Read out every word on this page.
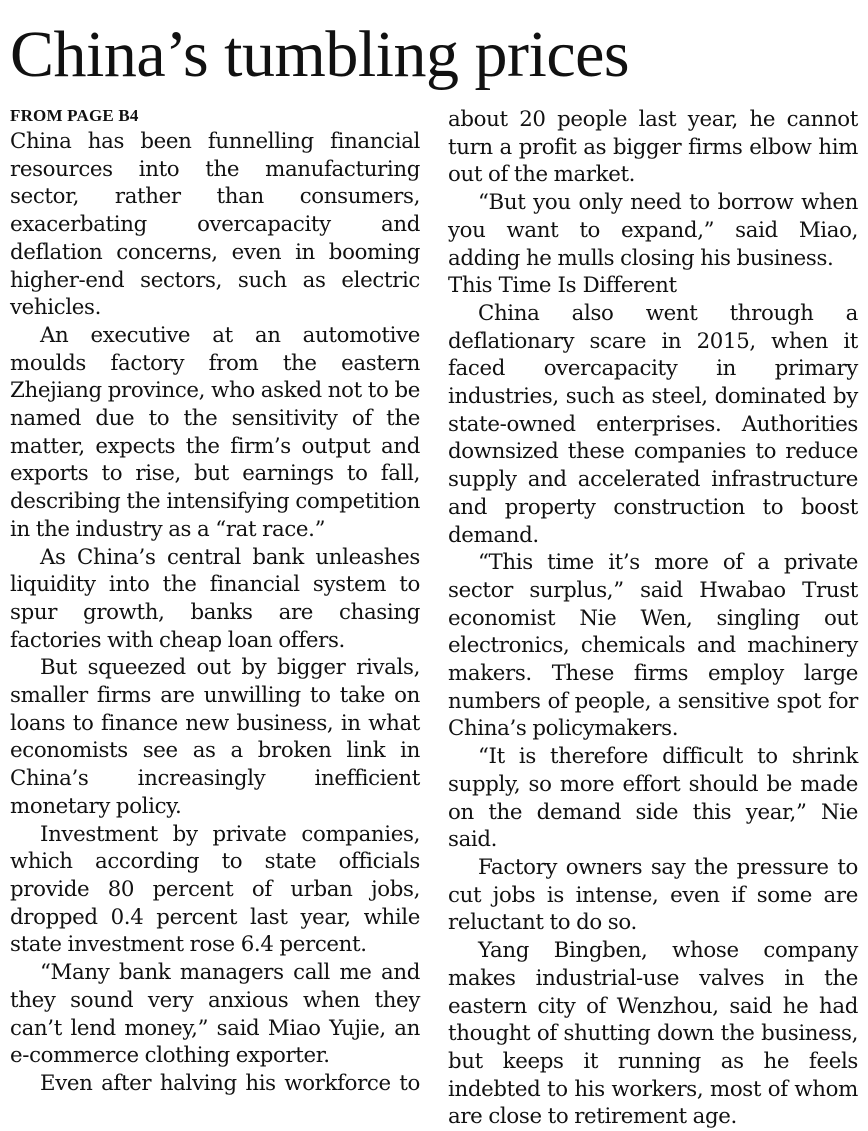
China’s tumbling prices
FROM PAGE B4

China has been funnelling financial resources into the manufacturing sector, rather than consumers, exacerbating overcapacity and deflation concerns, even in booming higher-end sectors, such as electric vehicles.

An executive at an automotive moulds factory from the eastern Zhejiang province, who asked not to be named due to the sensitivity of the matter, expects the firm’s output and exports to rise, but earnings to fall, describing the intensifying competition in the industry as a “rat race.”

As China’s central bank unleashes liquidity into the financial system to spur growth, banks are chasing factories with cheap loan offers.

But squeezed out by bigger rivals, smaller firms are unwilling to take on loans to finance new business, in what economists see as a broken link in China’s increasingly inefficient monetary policy.

Investment by private companies, which according to state officials provide 80 percent of urban jobs, dropped 0.4 percent last year, while state investment rose 6.4 percent.

“Many bank managers call me and they sound very anxious when they can’t lend money,” said Miao Yujie, an e-commerce clothing exporter.

Even after halving his workforce to

about 20 people last year, he cannot turn a profit as bigger firms elbow him out of the market.

“But you only need to borrow when you want to expand,” said Miao, adding he mulls closing his business.

This Time Is Different

China also went through a deflationary scare in 2015, when it faced overcapacity in primary industries, such as steel, dominated by state-owned enterprises. Authorities downsized these companies to reduce supply and accelerated infrastructure and property construction to boost demand.

“This time it’s more of a private sector surplus,” said Hwabao Trust economist Nie Wen, singling out electronics, chemicals and machinery makers. These firms employ large numbers of people, a sensitive spot for China’s policymakers.

“It is therefore difficult to shrink supply, so more effort should be made on the demand side this year,” Nie said.

Factory owners say the pressure to cut jobs is intense, even if some are reluctant to do so.

Yang Bingben, whose company makes industrial-use valves in the eastern city of Wenzhou, said he had thought of shutting down the business, but keeps it running as he feels indebted to his workers, most of whom are close to retirement age.
